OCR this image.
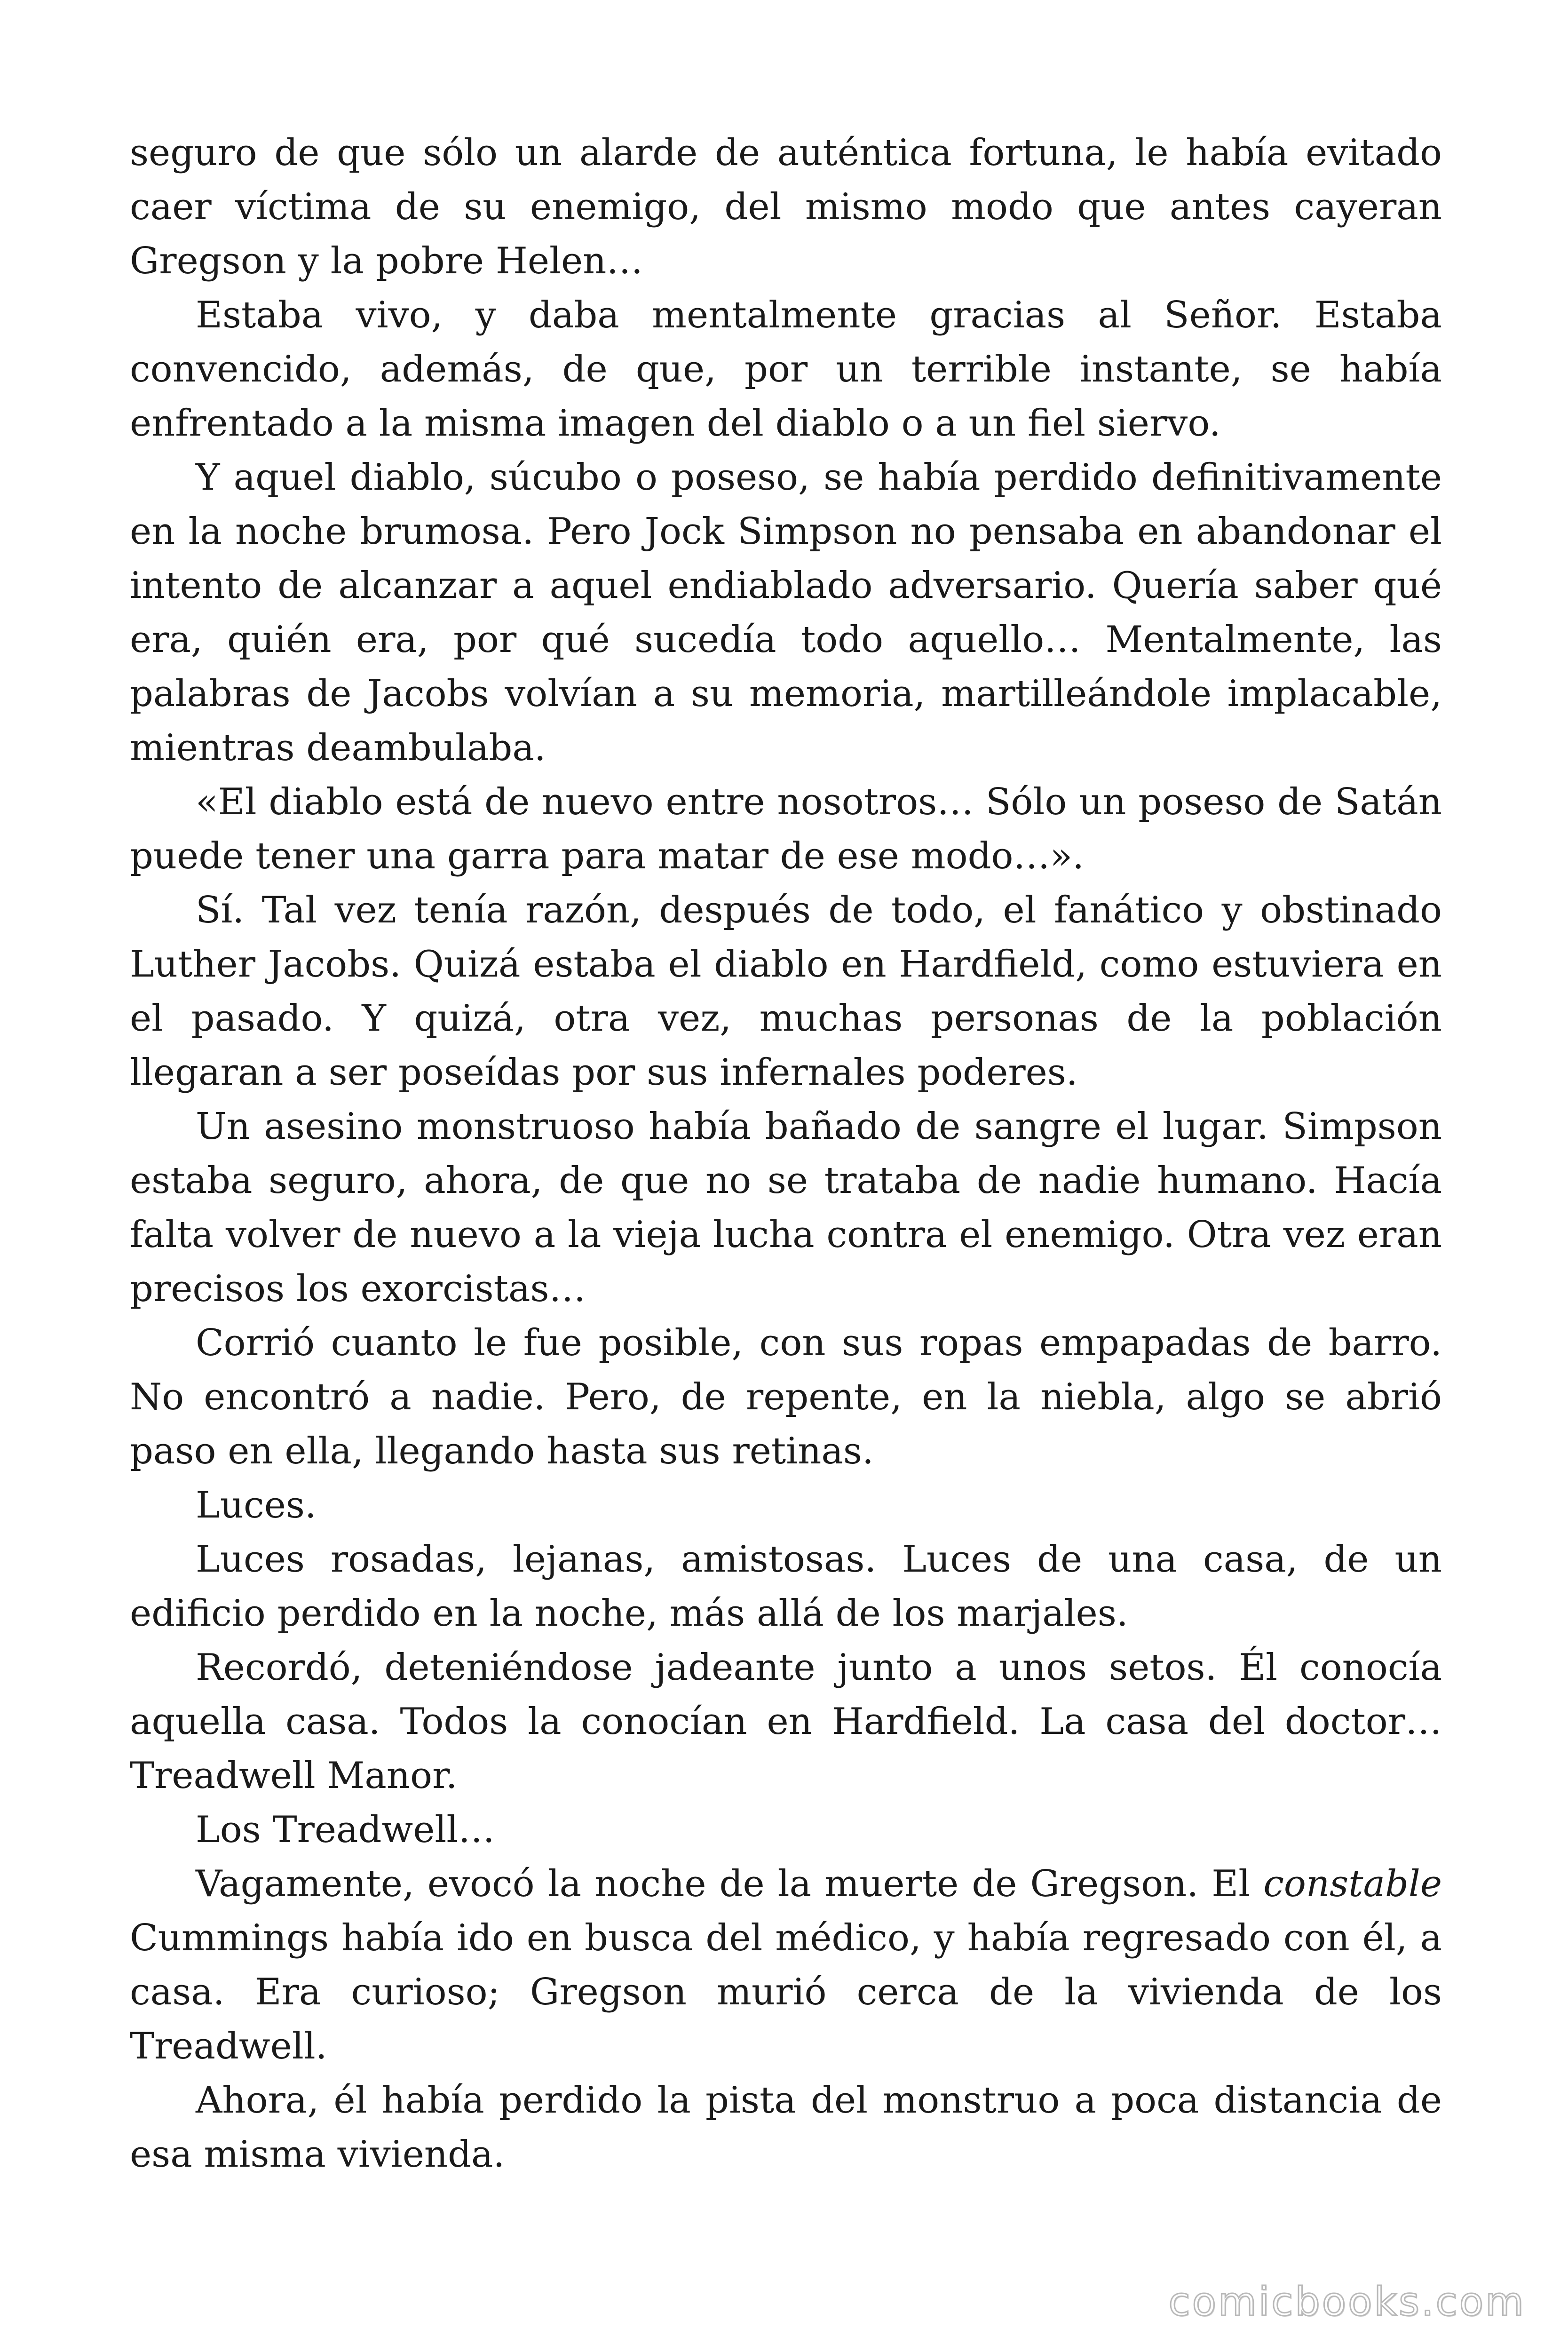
seguro de que sólo un alarde de auténtica fortuna, le había evitado caer víctima de su enemigo, del mismo modo que antes cayeran Gregson y la pobre Helen…

Estaba vivo, y daba mentalmente gracias al Señor. Estaba convencido, además, de que, por un terrible instante, se había enfrentado a la misma imagen del diablo o a un fiel siervo.

Y aquel diablo, súcubo o poseso, se había perdido definitivamente en la noche brumosa. Pero Jock Simpson no pensaba en abandonar el intento de alcanzar a aquel endiablado adversario. Quería saber qué era, quién era, por qué sucedía todo aquello… Mentalmente, las palabras de Jacobs volvían a su memoria, martilleándole implacable, mientras deambulaba.

«El diablo está de nuevo entre nosotros… Sólo un poseso de Satán puede tener una garra para matar de ese modo…».

Sí. Tal vez tenía razón, después de todo, el fanático y obstinado Luther Jacobs. Quizá estaba el diablo en Hardfield, como estuviera en el pasado. Y quizá, otra vez, muchas personas de la población llegaran a ser poseídas por sus infernales poderes.

Un asesino monstruoso había bañado de sangre el lugar. Simpson estaba seguro, ahora, de que no se trataba de nadie humano. Hacía falta volver de nuevo a la vieja lucha contra el enemigo. Otra vez eran precisos los exorcistas…

Corrió cuanto le fue posible, con sus ropas empapadas de barro. No encontró a nadie. Pero, de repente, en la niebla, algo se abrió paso en ella, llegando hasta sus retinas.

Luces.

Luces rosadas, lejanas, amistosas. Luces de una casa, de un edificio perdido en la noche, más allá de los marjales.

Recordó, deteniéndose jadeante junto a unos setos. Él conocía aquella casa. Todos la conocían en Hardfield. La casa del doctor… Treadwell Manor.

Los Treadwell…

Vagamente, evocó la noche de la muerte de Gregson. El constable Cummings había ido en busca del médico, y había regresado con él, a casa. Era curioso; Gregson murió cerca de la vivienda de los Treadwell.

Ahora, él había perdido la pista del monstruo a poca distancia de esa misma vivienda.

comicbooks.com
